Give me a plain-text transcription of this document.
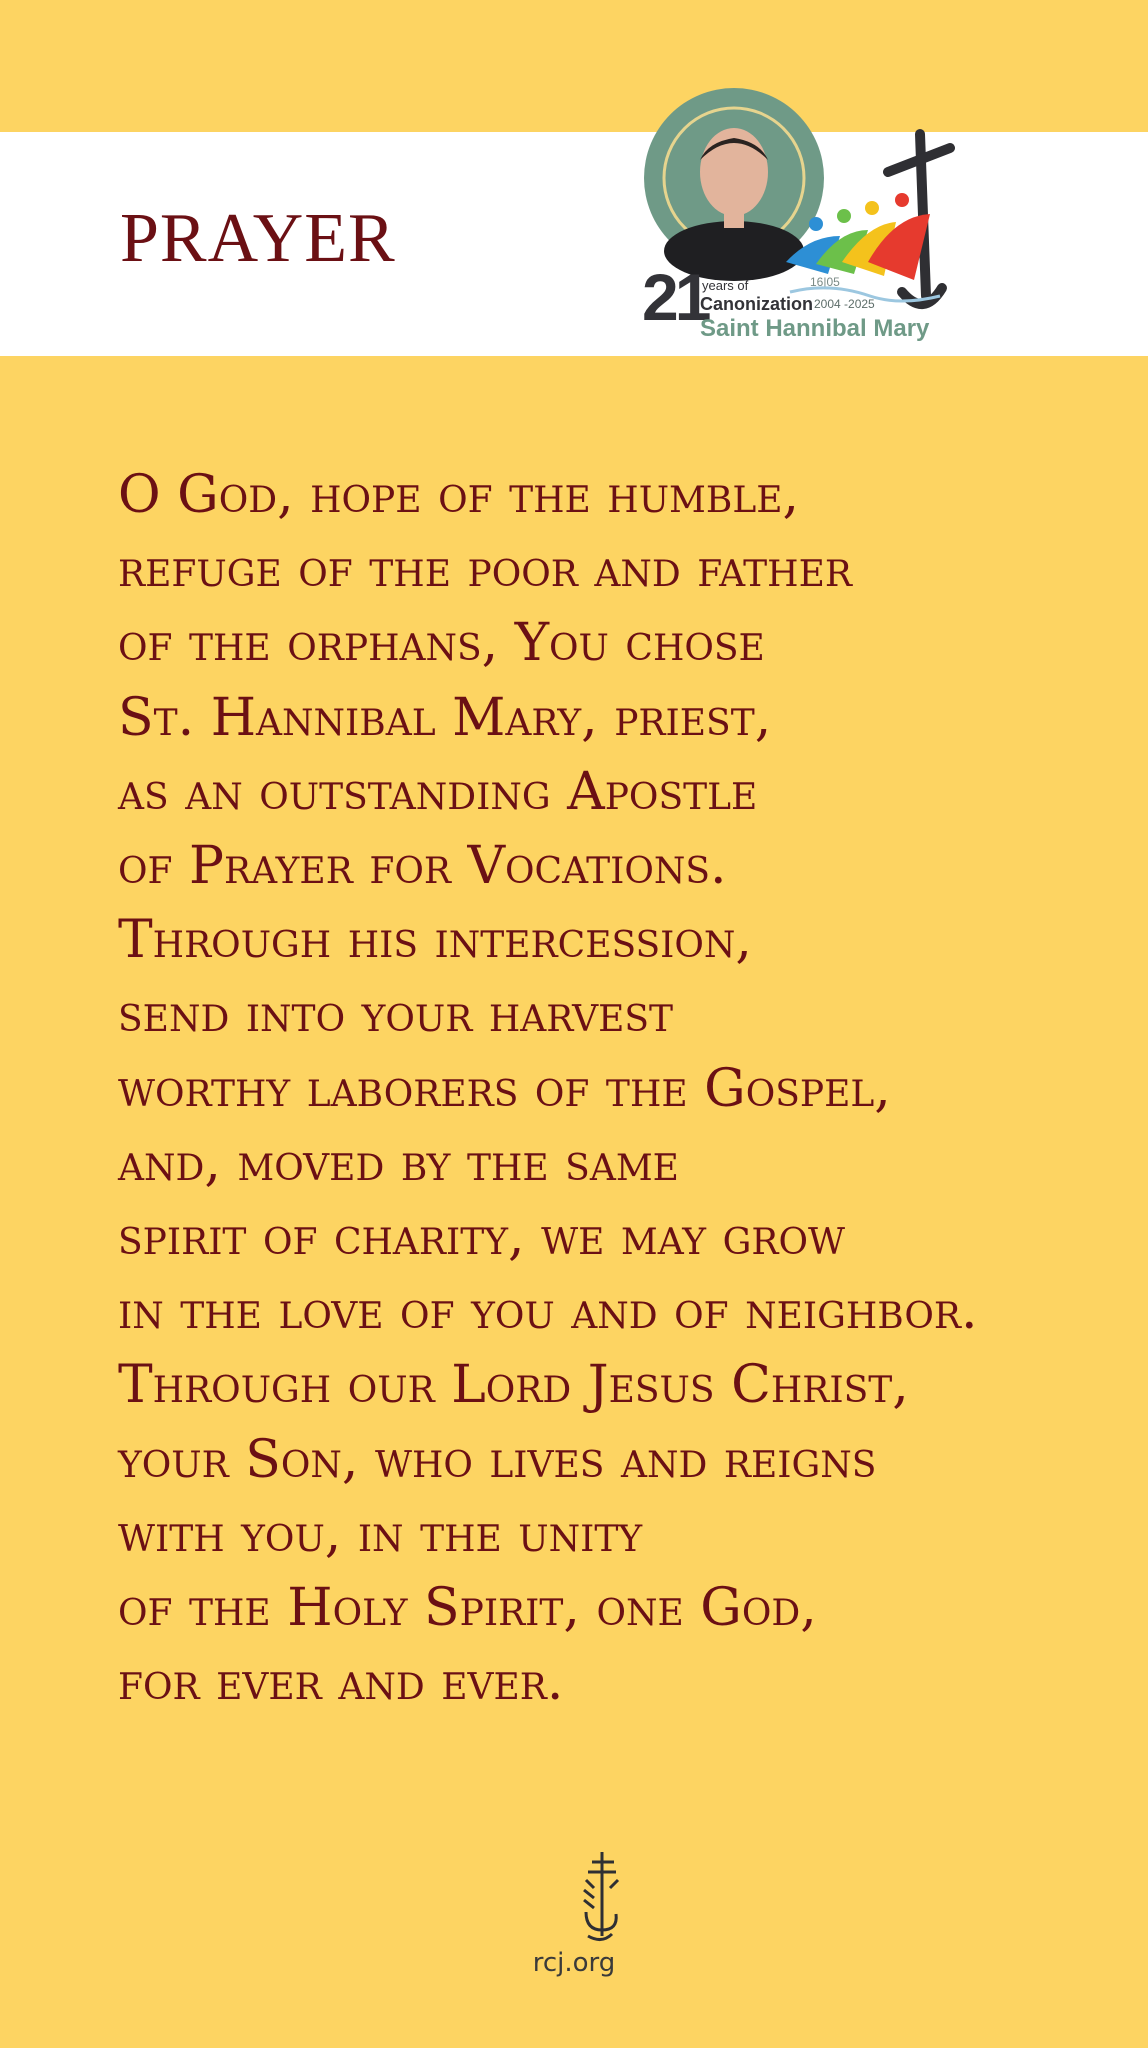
PRAYER
21
years of	16|05
Canonization 2004 -2025
Saint Hannibal Mary
O God, hope of the humble,
refuge of the poor and father
of the orphans, You chose
St. Hannibal Mary, priest,
as an outstanding Apostle
of Prayer for Vocations.
Through his intercession,
send into your harvest
worthy laborers of the Gospel,
and, moved by the same
spirit of charity, we may grow
in the love of you and of neighbor.
Through our Lord Jesus Christ,
your Son, who lives and reigns
with you, in the unity
of the Holy Spirit, one God,
for ever and ever.
rcj.org
